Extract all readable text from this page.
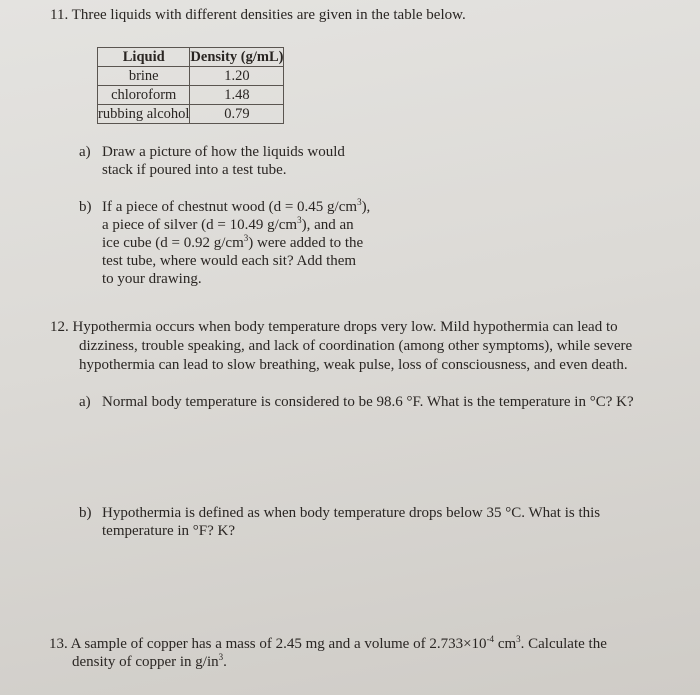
11. Three liquids with different densities are given in the table below.
Liquid	Density (g/mL)
brine	1.20
chloroform	1.48
rubbing alcohol	0.79
a) Draw a picture of how the liquids would
stack if poured into a test tube.
b) If a piece of chestnut wood (d = 0.45 $g/cm^3$),
a piece of silver (d = 10.49 $g/cm^3$), and an
ice cube (d = 0.92 $g/cm^3$) were added to the
test tube, where would each sit? Add them
to your drawing.
12. Hypothermia occurs when body temperature drops very low. Mild hypothermia can lead to
dizziness, trouble speaking, and lack of coordination (among other symptoms), while severe
hypothermia can lead to slow breathing, weak pulse, loss of consciousness, and even death.
a) Normal body temperature is considered to be 98.6 °F. What is the temperature in °C? K?
b) Hypothermia is defined as when body temperature drops below 35 °C. What is this
temperature in °F? K?
13. A sample of copper has a mass of 2.45 mg and a volume of $2.733\times 10^{-4}$ $cm^3$. Calculate the
density of copper in $g/in^3$.
